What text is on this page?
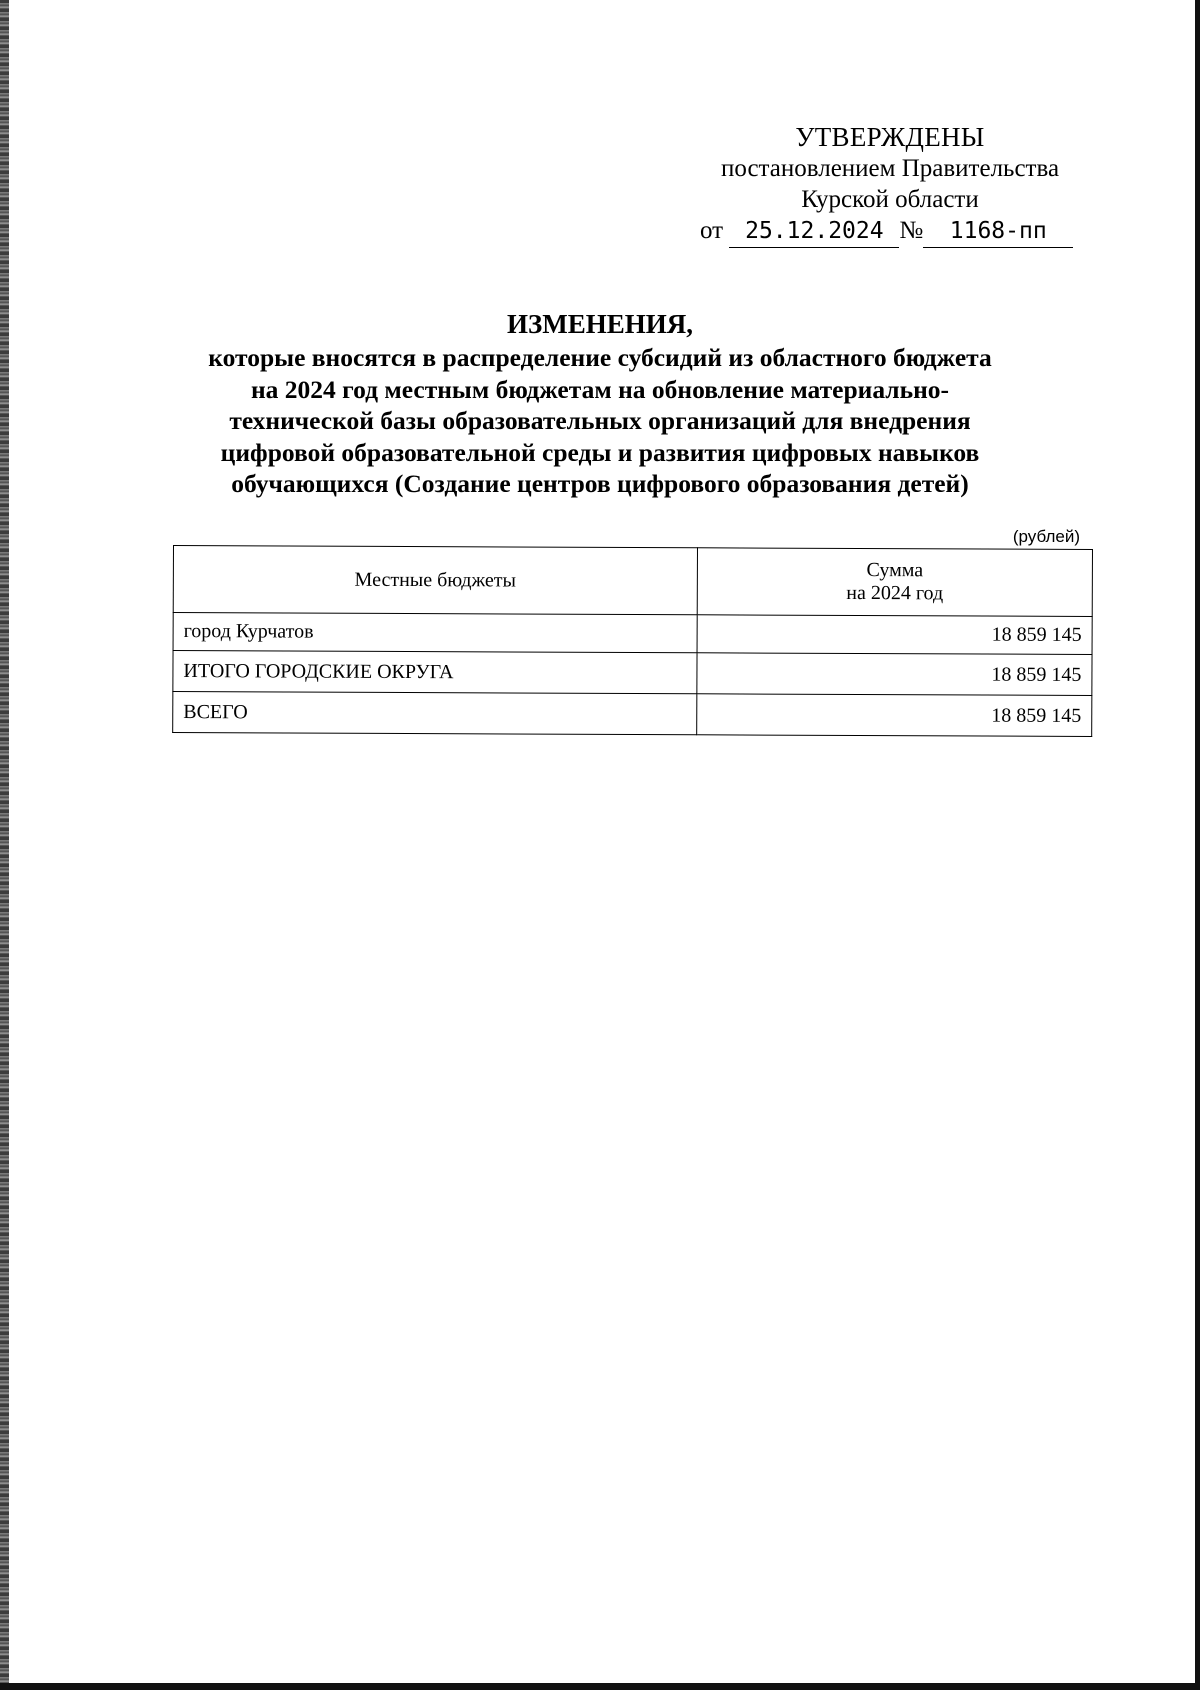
УТВЕРЖДЕНЫ
постановлением Правительства
Курской области
от 25.12.2024 № 1168-пп
ИЗМЕНЕНИЯ,
которые вносятся в распределение субсидий из областного бюджета
на 2024 год местным бюджетам на обновление материально-
технической базы образовательных организаций для внедрения
цифровой образовательной среды и развития цифровых навыков
обучающихся (Создание центров цифрового образования детей)
(рублей)
Местные бюджеты	Сумма
на 2024 год

город Курчатов	18 859 145
ИТОГО ГОРОДСКИЕ ОКРУГА	18 859 145
ВСЕГО	18 859 145
